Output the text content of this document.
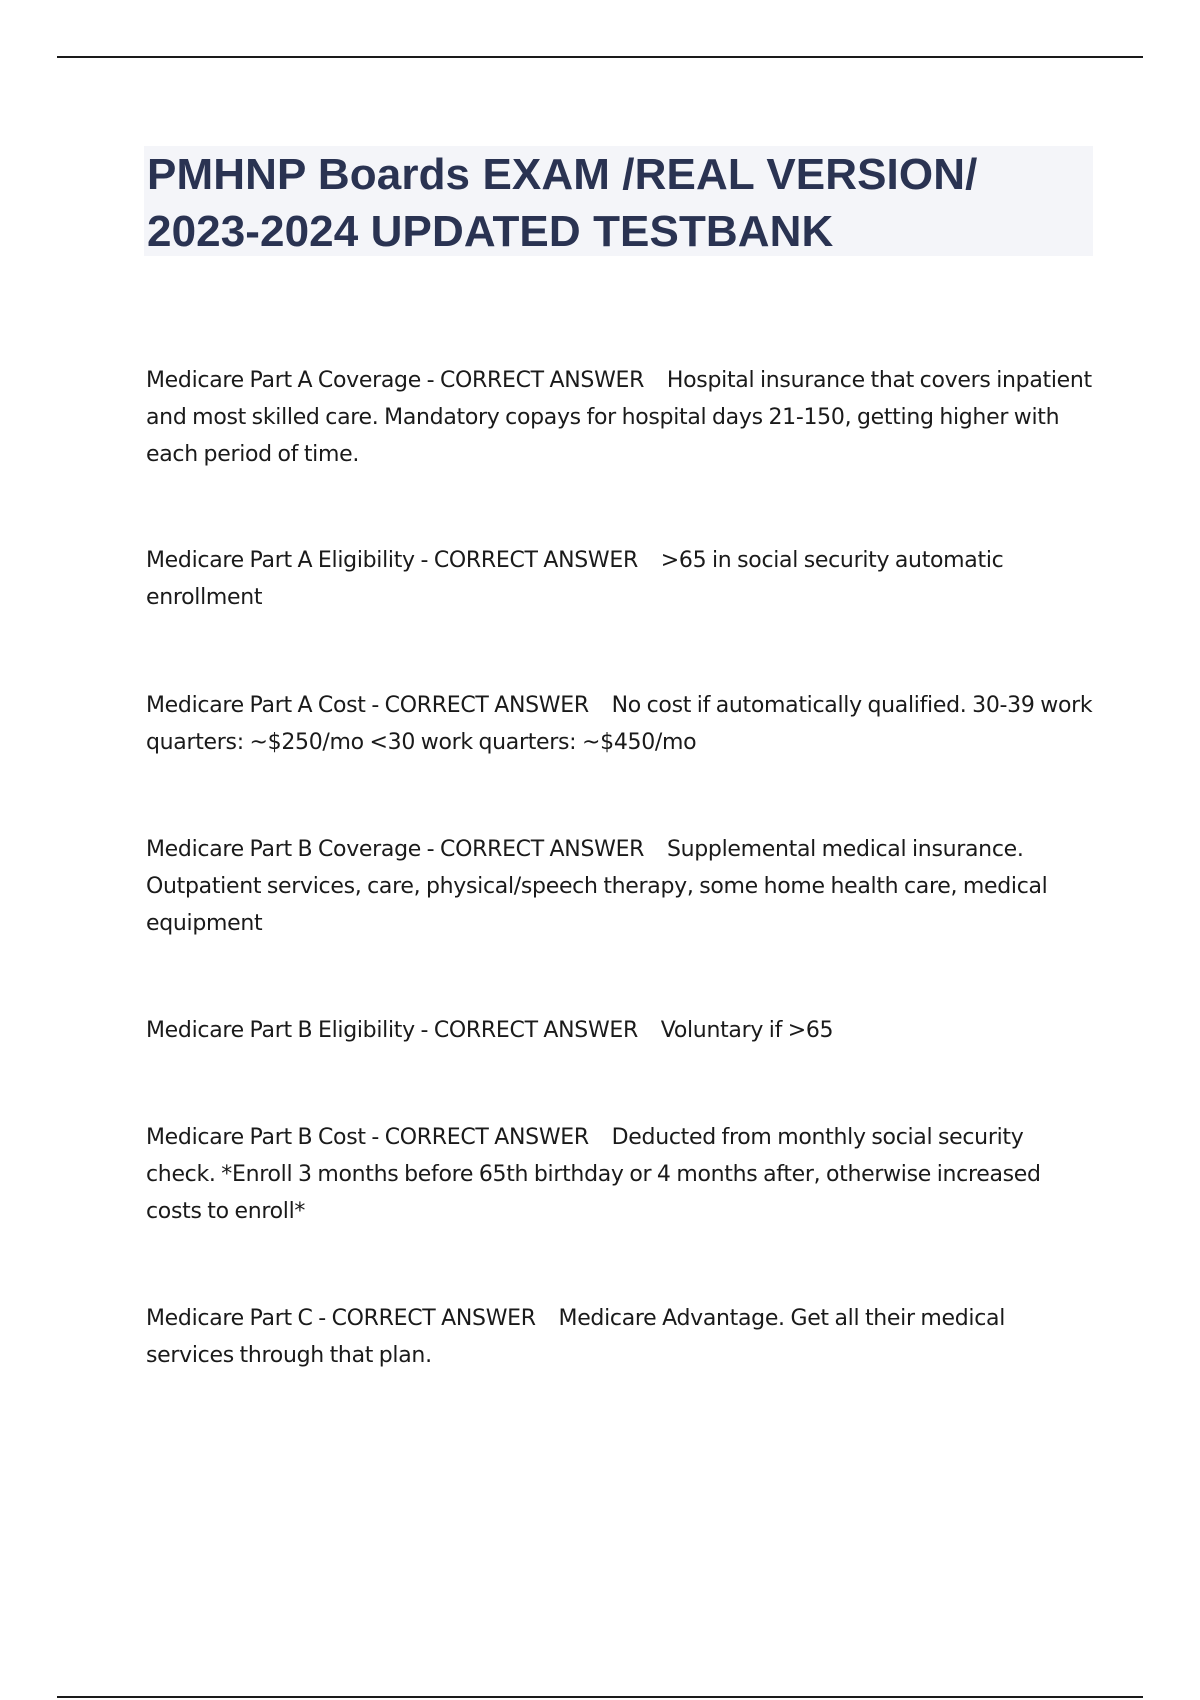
PMHNP Boards EXAM /REAL VERSION/
2023-2024 UPDATED TESTBANK

Medicare Part A Coverage - CORRECT ANSWER Hospital insurance that covers inpatient and most skilled care. Mandatory copays for hospital days 21-150, getting higher with each period of time.

Medicare Part A Eligibility - CORRECT ANSWER >65 in social security automatic enrollment

Medicare Part A Cost - CORRECT ANSWER No cost if automatically qualified. 30-39 work quarters: ~$250/mo <30 work quarters: ~$450/mo

Medicare Part B Coverage - CORRECT ANSWER Supplemental medical insurance. Outpatient services, care, physical/speech therapy, some home health care, medical equipment

Medicare Part B Eligibility - CORRECT ANSWER Voluntary if >65

Medicare Part B Cost - CORRECT ANSWER Deducted from monthly social security check. *Enroll 3 months before 65th birthday or 4 months after, otherwise increased costs to enroll*

Medicare Part C - CORRECT ANSWER Medicare Advantage. Get all their medical services through that plan.
